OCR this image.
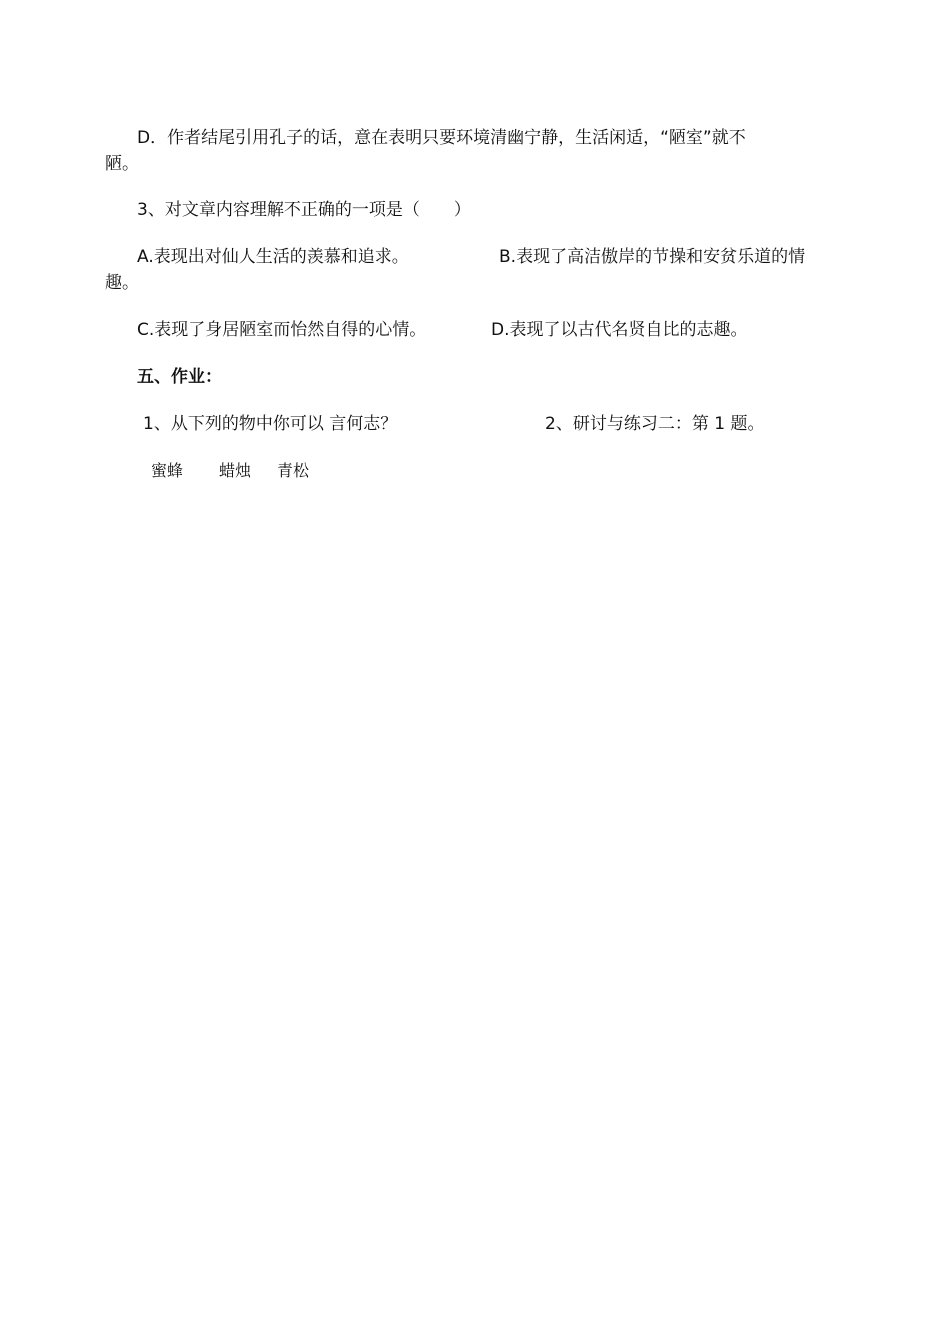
D．作者结尾引用孔子的话，意在表明只要环境清幽宁静，生活闲适，“陋室”就不
陋。
3、对文章内容理解不正确的一项是（　　）
A.表现出对仙人生活的羡慕和追求。	B.表现了高洁傲岸的节操和安贫乐道的情
趣。
C.表现了身居陋室而怡然自得的心情。	D.表现了以古代名贤自比的志趣。
五、作业：
1、从下列的物中你可以 言何志？	2、研讨与练习二：第 1 题。
蜜蜂 蜡烛 青松
